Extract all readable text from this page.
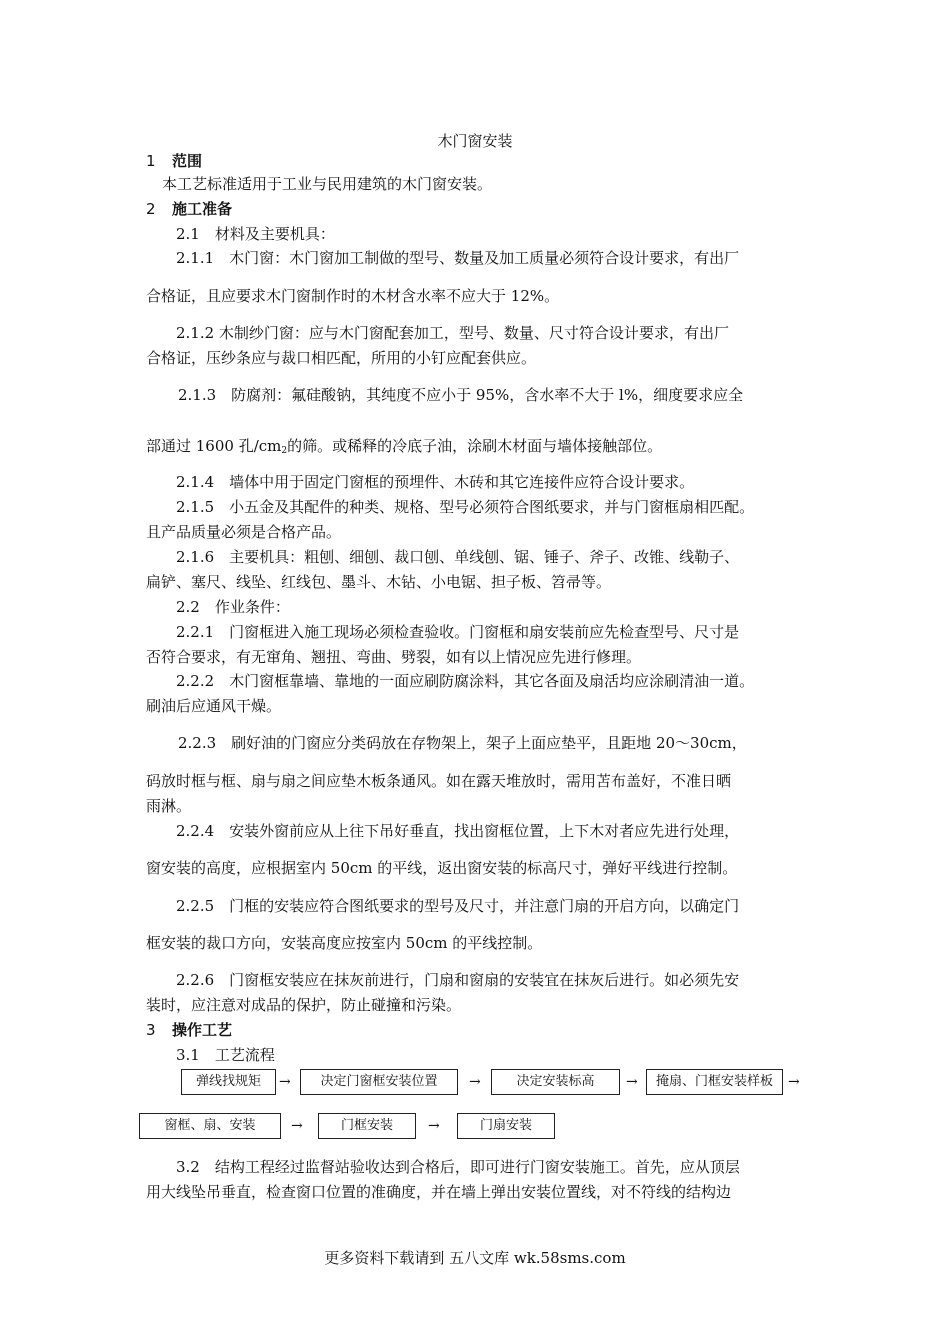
木门窗安装
1 范围
本工艺标准适用于工业与民用建筑的木门窗安装。
2 施工准备
2.1　材料及主要机具：
2.1.1　木门窗：木门窗加工制做的型号、数量及加工质量必须符合设计要求，有出厂
合格证，且应要求木门窗制作时的木材含水率不应大于 12%。
2.1.2 木制纱门窗：应与木门窗配套加工，型号、数量、尺寸符合设计要求，有出厂
合格证，压纱条应与裁口相匹配，所用的小钉应配套供应。
2.1.3　防腐剂：氟硅酸钠，其纯度不应小于 95%，含水率不大于 l%，细度要求应全
部通过 1600 孔$/cm_2$的筛。或稀释的冷底子油，涂刷木材面与墙体接触部位。
2.1.4　墙体中用于固定门窗框的预埋件、木砖和其它连接件应符合设计要求。
2.1.5　小五金及其配件的种类、规格、型号必须符合图纸要求，并与门窗框扇相匹配。
且产品质量必须是合格产品。
2.1.6　主要机具：粗刨、细刨、裁口刨、单线刨、锯、锤子、斧子、改锥、线勒子、
扁铲、塞尺、线坠、红线包、墨斗、木钻、小电锯、担子板、笤帚等。
2.2　作业条件：
2.2.1　门窗框进入施工现场必须检查验收。门窗框和扇安装前应先检查型号、尺寸是
否符合要求，有无窜角、翘扭、弯曲、劈裂，如有以上情况应先进行修理。
2.2.2　木门窗框靠墙、靠地的一面应刷防腐涂料，其它各面及扇活均应涂刷清油一道。
刷油后应通风干燥。
2.2.3　刷好油的门窗应分类码放在存物架上，架子上面应垫平，且距地 20～30cm，
码放时框与框、扇与扇之间应垫木板条通风。如在露天堆放时，需用苫布盖好，不准日晒
雨淋。
2.2.4　安装外窗前应从上往下吊好垂直，找出窗框位置，上下木对者应先进行处理，
窗安装的高度，应根据室内 50cm 的平线，返出窗安装的标高尺寸，弹好平线进行控制。
2.2.5　门框的安装应符合图纸要求的型号及尺寸，并注意门扇的开启方向，以确定门
框安装的裁口方向，安装高度应按室内 50cm 的平线控制。
2.2.6　门窗框安装应在抹灰前进行，门扇和窗扇的安装宜在抹灰后进行。如必须先安
装时，应注意对成品的保护，防止碰撞和污染。
3 操作工艺
3.1　工艺流程
弹线找规矩	→	决定门窗框安装位置	→	决定安装标高	→	掩扇、门框安装样板	→
窗框、扇、安装	→	门框安装	→	门扇安装
3.2　结构工程经过监督站验收达到合格后，即可进行门窗安装施工。首先，应从顶层
用大线坠吊垂直，检查窗口位置的准确度，并在墙上弹出安装位置线，对不符线的结构边
更多资料下载请到 五八文库 wk.58sms.com
